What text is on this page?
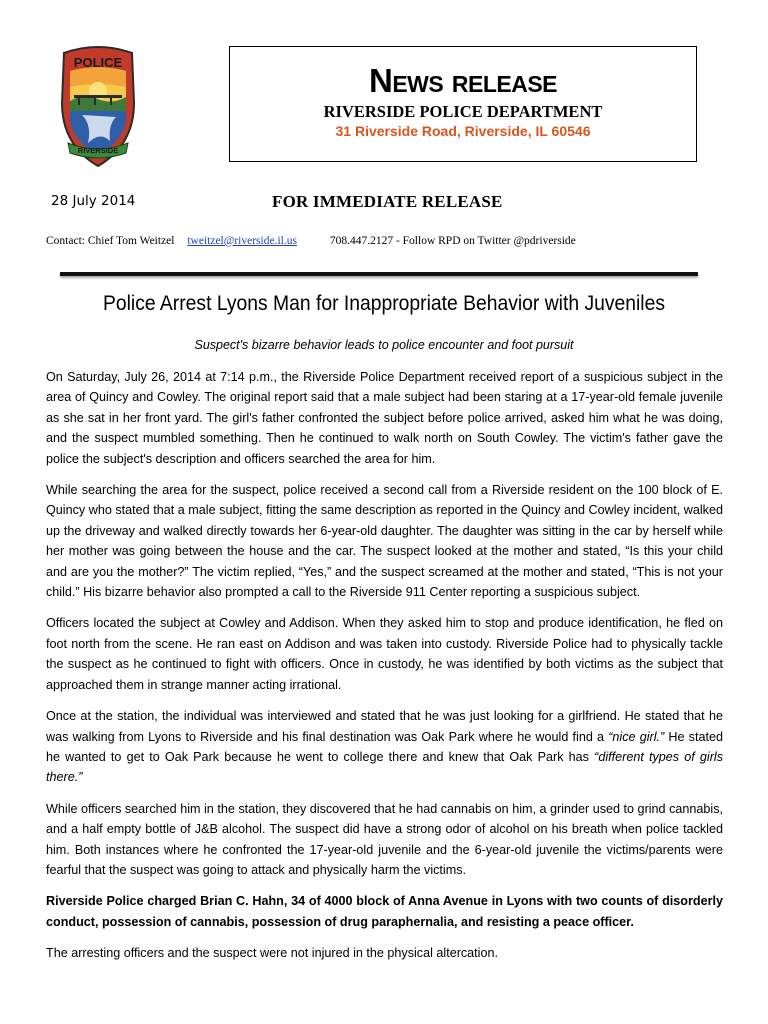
POLICE
RIVERSIDE
News release
RIVERSIDE POLICE DEPARTMENT
31 Riverside Road, Riverside, IL 60546
28 July 2014	FOR IMMEDIATE RELEASE
Contact: Chief Tom Weitzel tweitzel@riverside.il.us	708.447.2127 - Follow RPD on Twitter @pdriverside
Police Arrest Lyons Man for Inappropriate Behavior with Juveniles
Suspect's bizarre behavior leads to police encounter and foot pursuit

On Saturday, July 26, 2014 at 7:14 p.m., the Riverside Police Department received report of a suspicious subject in the area of Quincy and Cowley. The original report said that a male subject had been staring at a 17-year-old female juvenile as she sat in her front yard. The girl's father confronted the subject before police arrived, asked him what he was doing, and the suspect mumbled something. Then he continued to walk north on South Cowley. The victim's father gave the police the subject's description and officers searched the area for him.

While searching the area for the suspect, police received a second call from a Riverside resident on the 100 block of E. Quincy who stated that a male subject, fitting the same description as reported in the Quincy and Cowley incident, walked up the driveway and walked directly towards her 6-year-old daughter. The daughter was sitting in the car by herself while her mother was going between the house and the car. The suspect looked at the mother and stated, “Is this your child and are you the mother?” The victim replied, “Yes,” and the suspect screamed at the mother and stated, “This is not your child.” His bizarre behavior also prompted a call to the Riverside 911 Center reporting a suspicious subject.

Officers located the subject at Cowley and Addison. When they asked him to stop and produce identification, he fled on foot north from the scene. He ran east on Addison and was taken into custody. Riverside Police had to physically tackle the suspect as he continued to fight with officers. Once in custody, he was identified by both victims as the subject that approached them in strange manner acting irrational.

Once at the station, the individual was interviewed and stated that he was just looking for a girlfriend. He stated that he was walking from Lyons to Riverside and his final destination was Oak Park where he would find a “nice girl.” He stated he wanted to get to Oak Park because he went to college there and knew that Oak Park has “different types of girls there.”

While officers searched him in the station, they discovered that he had cannabis on him, a grinder used to grind cannabis, and a half empty bottle of J&B alcohol. The suspect did have a strong odor of alcohol on his breath when police tackled him. Both instances where he confronted the 17-year-old juvenile and the 6-year-old juvenile the victims/parents were fearful that the suspect was going to attack and physically harm the victims.

Riverside Police charged Brian C. Hahn, 34 of 4000 block of Anna Avenue in Lyons with two counts of disorderly conduct, possession of cannabis, possession of drug paraphernalia, and resisting a peace officer.

The arresting officers and the suspect were not injured in the physical altercation.
